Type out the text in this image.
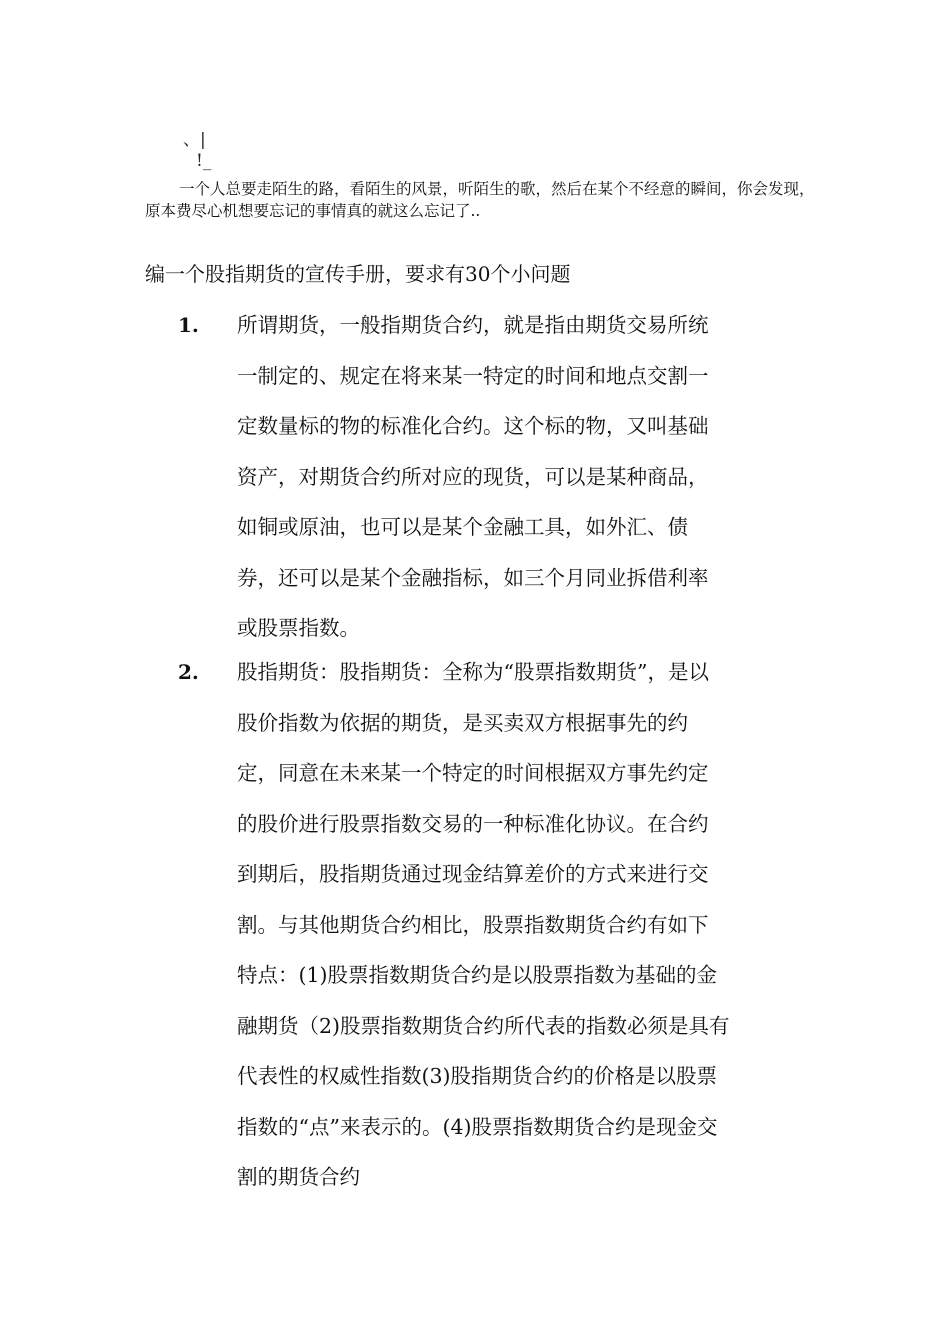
、|
!_
一个人总要走陌生的路，看陌生的风景，听陌生的歌，然后在某个不经意的瞬间，你会发现，原本费尽心机想要忘记的事情真的就这么忘记了..
编一个股指期货的宣传手册，要求有30个小问题
1. 所谓期货，一般指期货合约，就是指由期货交易所统
一制定的、规定在将来某一特定的时间和地点交割一
定数量标的物的标准化合约。这个标的物，又叫基础
资产，对期货合约所对应的现货，可以是某种商品，
如铜或原油，也可以是某个金融工具，如外汇、债
券，还可以是某个金融指标，如三个月同业拆借利率
或股票指数。
2. 股指期货：股指期货：全称为“股票指数期货”，是以
股价指数为依据的期货，是买卖双方根据事先的约
定，同意在未来某一个特定的时间根据双方事先约定
的股价进行股票指数交易的一种标准化协议。在合约
到期后，股指期货通过现金结算差价的方式来进行交
割。与其他期货合约相比，股票指数期货合约有如下
特点：(1)股票指数期货合约是以股票指数为基础的金
融期货（2)股票指数期货合约所代表的指数必须是具有
代表性的权威性指数(3)股指期货合约的价格是以股票
指数的“点”来表示的。(4)股票指数期货合约是现金交
割的期货合约
